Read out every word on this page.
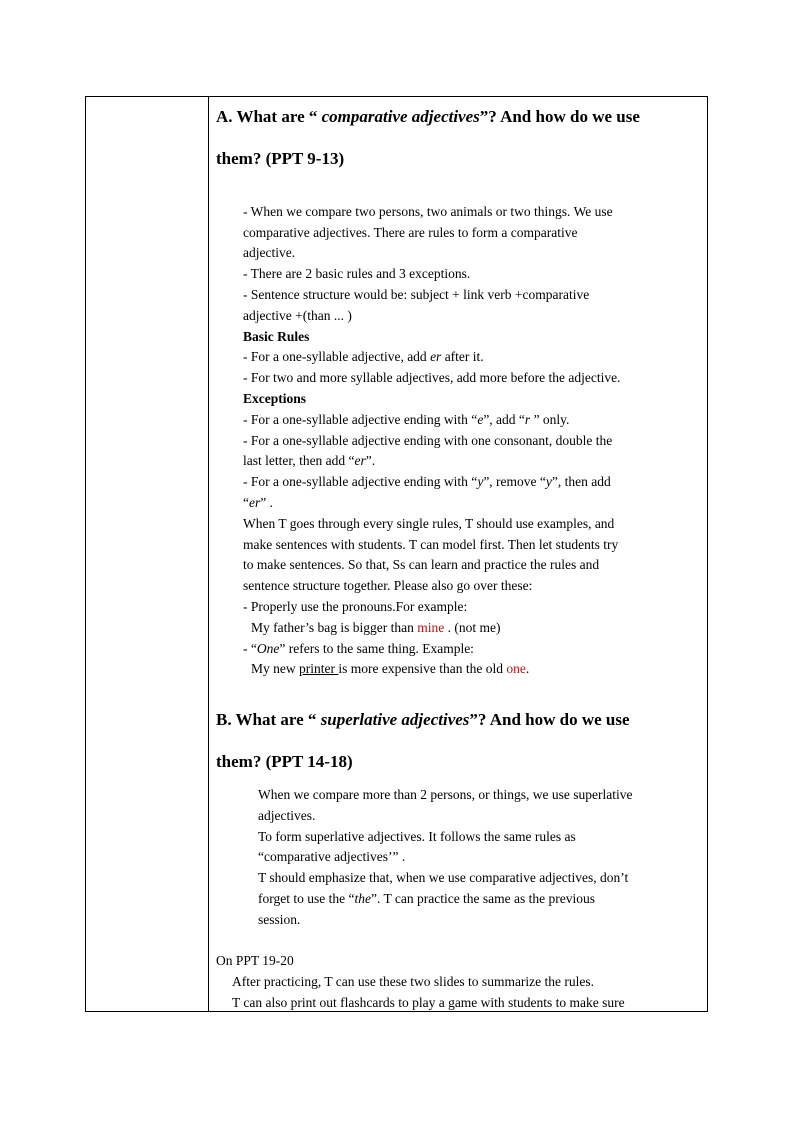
A. What are “ comparative adjectives”? And how do we use
them? (PPT 9-13)
- When we compare two persons, two animals or two things. We use
comparative adjectives. There are rules to form a comparative
adjective.
- There are 2 basic rules and 3 exceptions.
- Sentence structure would be: subject + link verb +comparative
adjective +(than ... )
Basic Rules
- For a one-syllable adjective, add er after it.
- For two and more syllable adjectives, add more before the adjective.
Exceptions
- For a one-syllable adjective ending with “e”, add “r ” only.
- For a one-syllable adjective ending with one consonant, double the
last letter, then add “er”.
- For a one-syllable adjective ending with “y”, remove “y”, then add
“er” .
When T goes through every single rules, T should use examples, and
make sentences with students. T can model first. Then let students try
to make sentences. So that, Ss can learn and practice the rules and
sentence structure together. Please also go over these:
- Properly use the pronouns.For example:
My father’s bag is bigger than mine . (not me)
- “One” refers to the same thing. Example:
My new printer is more expensive than the old one.
B. What are “ superlative adjectives”? And how do we use
them? (PPT 14-18)
When we compare more than 2 persons, or things, we use superlative
adjectives.
To form superlative adjectives. It follows the same rules as
“comparative adjectives’” .
T should emphasize that, when we use comparative adjectives, don’t
forget to use the “the”. T can practice the same as the previous
session.
On PPT 19-20
After practicing, T can use these two slides to summarize the rules.
T can also print out flashcards to play a game with students to make sure
